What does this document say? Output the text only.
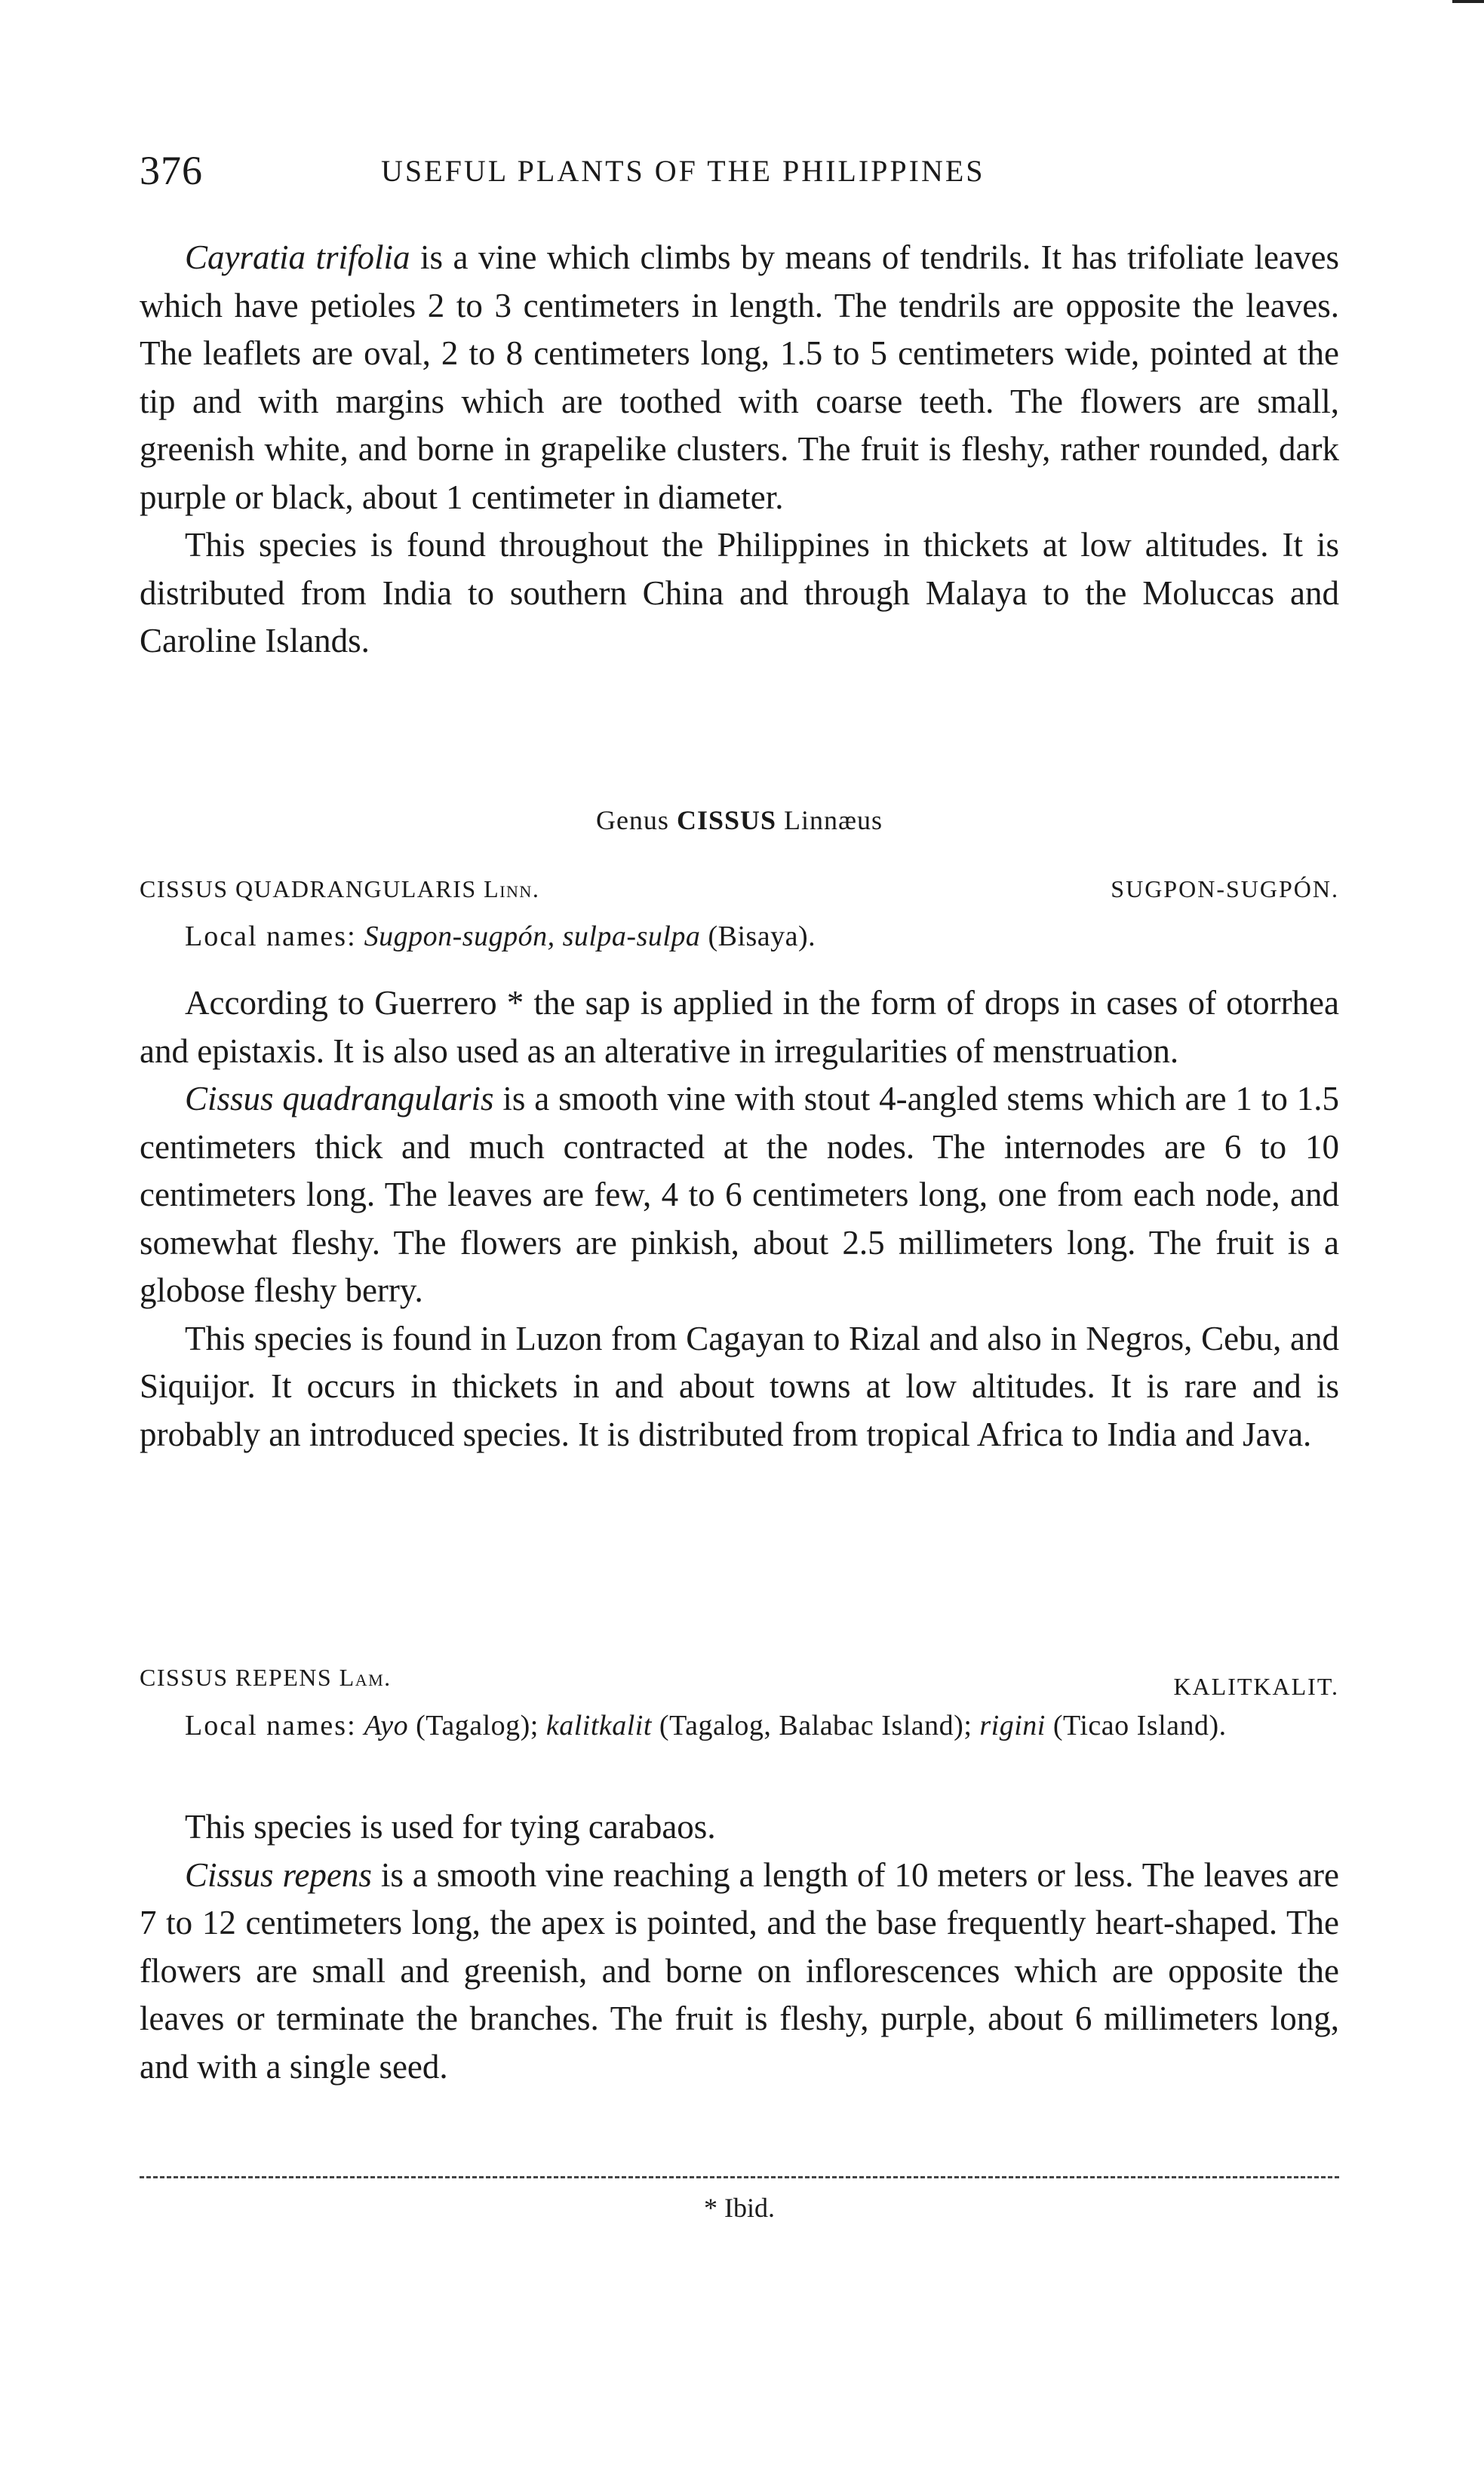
376	USEFUL PLANTS OF THE PHILIPPINES

Cayratia trifolia is a vine which climbs by means of tendrils. It has trifoliate leaves which have petioles 2 to 3 centimeters in length. The tendrils are opposite the leaves. The leaflets are oval, 2 to 8 centimeters long, 1.5 to 5 centimeters wide, pointed at the tip and with margins which are toothed with coarse teeth. The flowers are small, greenish white, and borne in grapelike clusters. The fruit is fleshy, rather rounded, dark purple or black, about 1 centimeter in diameter.

This species is found throughout the Philippines in thickets at low altitudes. It is distributed from India to southern China and through Malaya to the Moluccas and Caroline Islands.

Genus CISSUS Linnæus
CISSUS QUADRANGULARIS Linn.	SUGPON-SUGPÓN.
Local names: Sugpon-sugpón, sulpa-sulpa (Bisaya).

According to Guerrero * the sap is applied in the form of drops in cases of otorrhea and epistaxis. It is also used as an alterative in irregularities of menstruation.

Cissus quadrangularis is a smooth vine with stout 4-angled stems which are 1 to 1.5 centimeters thick and much contracted at the nodes. The internodes are 6 to 10 centimeters long. The leaves are few, 4 to 6 centimeters long, one from each node, and somewhat fleshy. The flowers are pinkish, about 2.5 millimeters long. The fruit is a globose fleshy berry.

This species is found in Luzon from Cagayan to Rizal and also in Negros, Cebu, and Siquijor. It occurs in thickets in and about towns at low altitudes. It is rare and is probably an introduced species. It is distributed from tropical Africa to India and Java.

CISSUS REPENS Lam.	KALITKALIT.
Local names: Ayo (Tagalog); kalitkalit (Tagalog, Balabac Island); rigini (Ticao Island).

This species is used for tying carabaos.

Cissus repens is a smooth vine reaching a length of 10 meters or less. The leaves are 7 to 12 centimeters long, the apex is pointed, and the base frequently heart-shaped. The flowers are small and greenish, and borne on inflorescences which are opposite the leaves or terminate the branches. The fruit is fleshy, purple, about 6 millimeters long, and with a single seed.

* Ibid.
